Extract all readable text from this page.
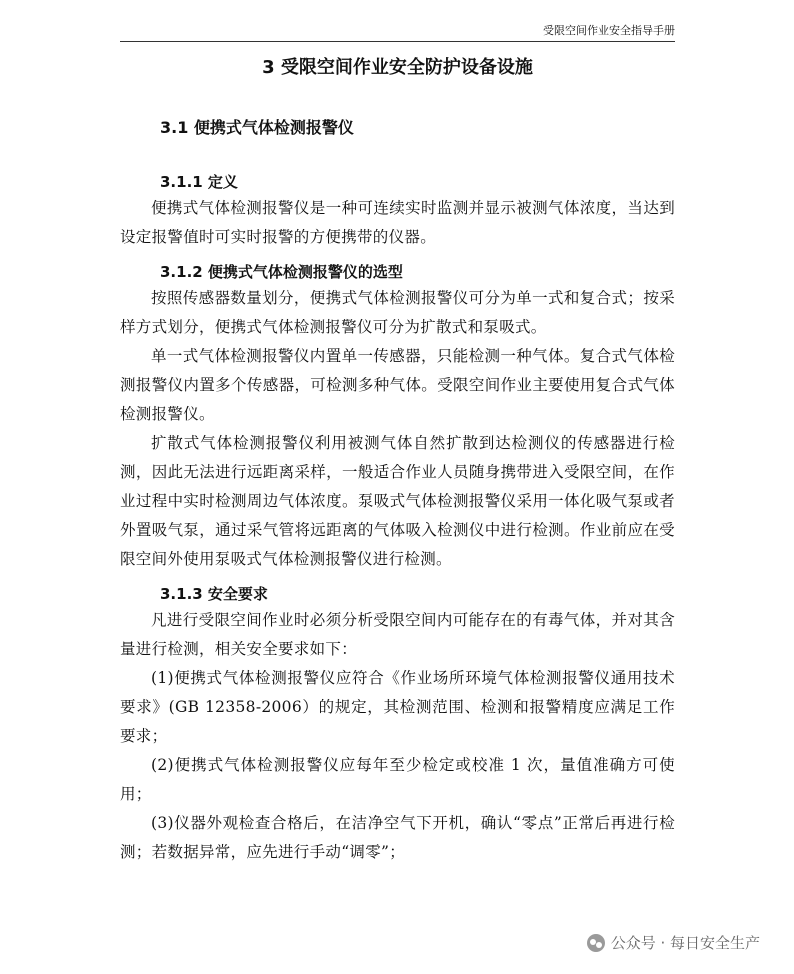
受限空间作业安全指导手册
3 受限空间作业安全防护设备设施
3.1 便携式气体检测报警仪
3.1.1 定义

便携式气体检测报警仪是一种可连续实时监测并显示被测气体浓度，当达到设定报警值时可实时报警的方便携带的仪器。

3.1.2 便携式气体检测报警仪的选型

按照传感器数量划分，便携式气体检测报警仪可分为单一式和复合式；按采样方式划分，便携式气体检测报警仪可分为扩散式和泵吸式。

单一式气体检测报警仪内置单一传感器，只能检测一种气体。复合式气体检测报警仪内置多个传感器，可检测多种气体。受限空间作业主要使用复合式气体检测报警仪。

扩散式气体检测报警仪利用被测气体自然扩散到达检测仪的传感器进行检测，因此无法进行远距离采样，一般适合作业人员随身携带进入受限空间，在作业过程中实时检测周边气体浓度。泵吸式气体检测报警仪采用一体化吸气泵或者外置吸气泵，通过采气管将远距离的气体吸入检测仪中进行检测。作业前应在受限空间外使用泵吸式气体检测报警仪进行检测。

3.1.3 安全要求

凡进行受限空间作业时必须分析受限空间内可能存在的有毒气体，并对其含量进行检测，相关安全要求如下：

(1)便携式气体检测报警仪应符合《作业场所环境气体检测报警仪通用技术要求》(GB 12358-2006）的规定，其检测范围、检测和报警精度应满足工作要求；

(2)便携式气体检测报警仪应每年至少检定或校准 1 次，量值准确方可使用；

(3)仪器外观检查合格后，在洁净空气下开机，确认“零点”正常后再进行检测；若数据异常，应先进行手动“调零”；

公众号 · 每日安全生产
